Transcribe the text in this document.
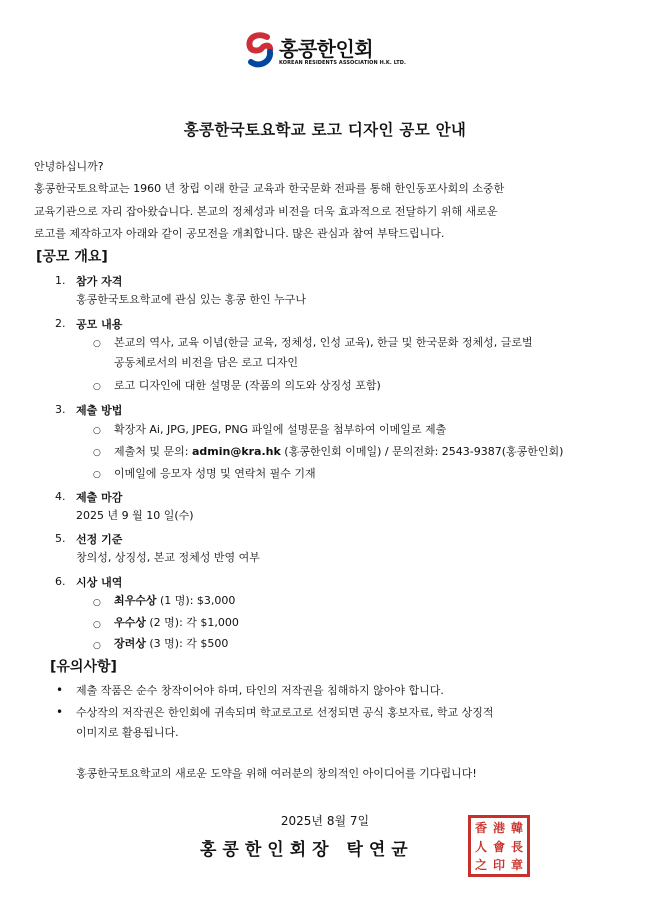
홍콩한인회
KOREAN RESIDENTS ASSOCIATION H.K. LTD.
홍콩한국토요학교 로고 디자인 공모 안내
안녕하십니까?
홍콩한국토요학교는 1960 년 창립 이래 한글 교육과 한국문화 전파를 통해 한인동포사회의 소중한
교육기관으로 자리 잡아왔습니다. 본교의 정체성과 비전을 더욱 효과적으로 전달하기 위해 새로운
로고를 제작하고자 아래와 같이 공모전을 개최합니다. 많은 관심과 참여 부탁드립니다.
[공모 개요]
1. 참가 자격
홍콩한국토요학교에 관심 있는 홍콩 한인 누구나
2. 공모 내용
○ 본교의 역사, 교육 이념(한글 교육, 정체성, 인성 교육), 한글 및 한국문화 정체성, 글로벌
공동체로서의 비전을 담은 로고 디자인
○ 로고 디자인에 대한 설명문 (작품의 의도와 상징성 포함)
3. 제출 방법
○ 확장자 Ai, JPG, JPEG, PNG 파일에 설명문을 첨부하여 이메일로 제출
○ 제출처 및 문의: admin@kra.hk (홍콩한인회 이메일) / 문의전화: 2543-9387(홍콩한인회)
○ 이메일에 응모자 성명 및 연락처 필수 기재
4. 제출 마감
2025 년 9 월 10 일(수)
5. 선정 기준
창의성, 상징성, 본교 정체성 반영 여부
6. 시상 내역
○ 최우수상 (1 명): $3,000
○ 우수상 (2 명): 각 $1,000
○ 장려상 (3 명): 각 $500
[유의사항]
• 제출 작품은 순수 창작이어야 하며, 타인의 저작권을 침해하지 않아야 합니다.
• 수상작의 저작권은 한인회에 귀속되며 학교로고로 선정되면 공식 홍보자료, 학교 상징적
이미지로 활용됩니다.
홍콩한국토요학교의 새로운 도약을 위해 여러분의 창의적인 아이디어를 기다립니다!
2025년 8월 7일
홍콩한인회장 탁연균
香 港 韓
人 會 長
之 印 章
